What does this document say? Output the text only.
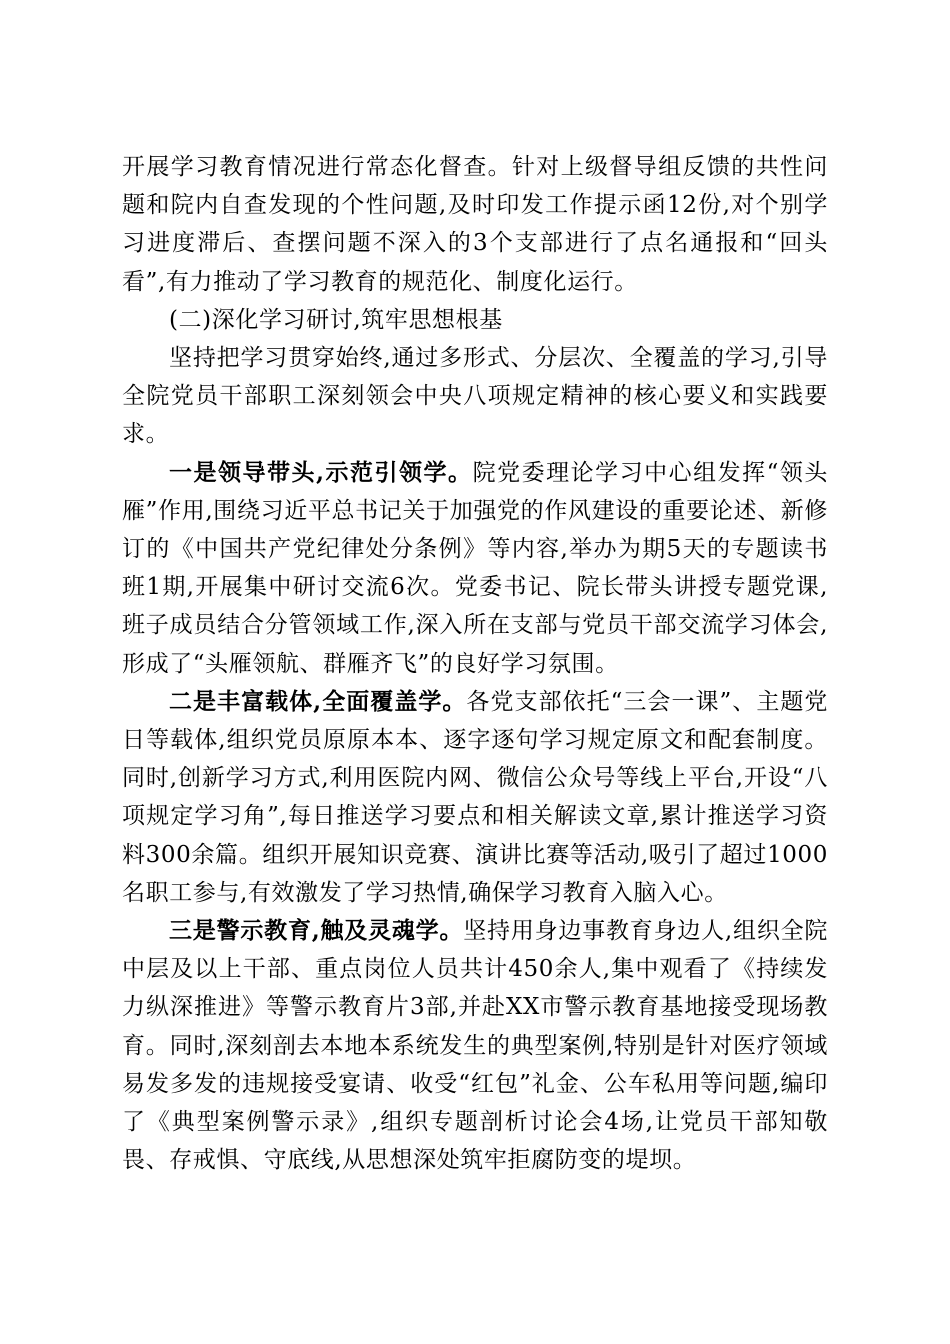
开展学习教育情况进行常态化督查。针对上级督导组反馈的共性问题和院内自查发现的个性问题,及时印发工作提示函12份,对个别学习进度滞后、查摆问题不深入的3个支部进行了点名通报和“回头看”,有力推动了学习教育的规范化、制度化运行。

(二)深化学习研讨,筑牢思想根基

坚持把学习贯穿始终,通过多形式、分层次、全覆盖的学习,引导全院党员干部职工深刻领会中央八项规定精神的核心要义和实践要求。

一是领导带头,示范引领学。院党委理论学习中心组发挥“领头雁”作用,围绕习近平总书记关于加强党的作风建设的重要论述、新修订的《中国共产党纪律处分条例》等内容,举办为期5天的专题读书班1期,开展集中研讨交流6次。党委书记、院长带头讲授专题党课,班子成员结合分管领域工作,深入所在支部与党员干部交流学习体会,形成了“头雁领航、群雁齐飞”的良好学习氛围。

二是丰富载体,全面覆盖学。各党支部依托“三会一课”、主题党日等载体,组织党员原原本本、逐字逐句学习规定原文和配套制度。同时,创新学习方式,利用医院内网、微信公众号等线上平台,开设“八项规定学习角”,每日推送学习要点和相关解读文章,累计推送学习资料300余篇。组织开展知识竞赛、演讲比赛等活动,吸引了超过1000名职工参与,有效激发了学习热情,确保学习教育入脑入心。

三是警示教育,触及灵魂学。坚持用身边事教育身边人,组织全院中层及以上干部、重点岗位人员共计450余人,集中观看了《持续发力纵深推进》等警示教育片3部,并赴XX市警示教育基地接受现场教育。同时,深刻剖去本地本系统发生的典型案例,特别是针对医疗领域易发多发的违规接受宴请、收受“红包”礼金、公车私用等问题,编印了《典型案例警示录》,组织专题剖析讨论会4场,让党员干部知敬畏、存戒惧、守底线,从思想深处筑牢拒腐防变的堤坝。
